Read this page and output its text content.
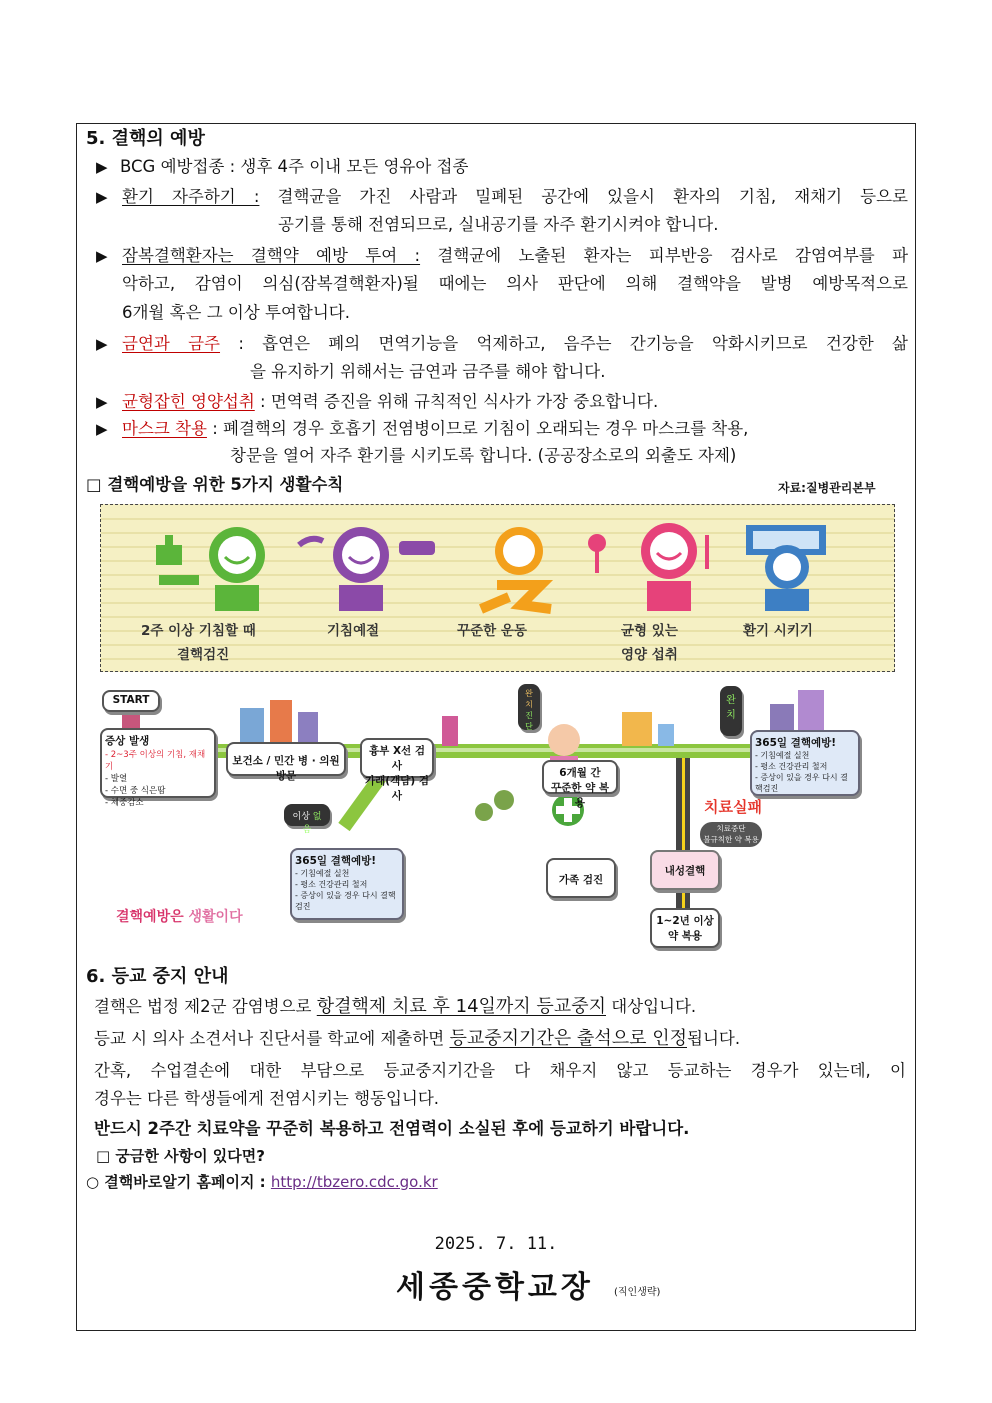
5. 결핵의 예방
▶ BCG 예방접종 : 생후 4주 이내 모든 영유아 접종
▶ 환기 자주하기 : 결핵균을 가진 사람과 밀폐된 공간에 있을시 환자의 기침, 재채기 등으로
공기를 통해 전염되므로, 실내공기를 자주 환기시켜야 합니다.
▶ 잠복결핵환자는 결핵약 예방 투여 : 결핵균에 노출된 환자는 피부반응 검사로 감염여부를 파
악하고, 감염이 의심(잠복결핵환자)될 때에는 의사 판단에 의해 결핵약을 발병 예방목적으로
6개월 혹은 그 이상 투여합니다.
▶ 금연과 금주 : 흡연은 폐의 면역기능을 억제하고, 음주는 간기능을 악화시키므로 건강한 삶
을 유지하기 위해서는 금연과 금주를 해야 합니다.
▶ 균형잡힌 영양섭취 : 면역력 증진을 위해 규칙적인 식사가 가장 중요합니다.
▶ 마스크 착용 : 폐결핵의 경우 호흡기 전염병이므로 기침이 오래되는 경우 마스크를 착용,
창문을 열어 자주 환기를 시키도록 합니다. (공공장소로의 외출도 자제)
□ 결핵예방을 위한 5가지 생활수칙	자료:질병관리본부
2주 이상 기침할 때	기침예절	꾸준한 운동	균형 있는	환기 시키기
결핵검진	영양 섭취
START
증상 발생
- 2~3주 이상의 기침, 재채기
- 발열
- 수면 중 식은땀
- 체중감소
보건소 / 민간 병 · 의원 방문
흉부 X선 검사
가래(객담) 검사
6개월 간
꾸준한 약 복용
365일 결핵예방!
- 기침예절 실천
- 평소 건강관리 철저
- 증상이 있을 경우 다시 결핵검진
이상 없음
완치
진단
완
치
365일 결핵예방!
- 기침예절 실천
- 평소 건강관리 철저
- 증상이 있을 경우 다시 결핵검진
가족 검진
치료실패
치료중단
불규칙한 약 복용
내성결핵
1~2년 이상
약 복용
결핵예방은 생활이다
6. 등교 중지 안내
결핵은 법정 제2군 감염병으로 항결핵제 치료 후 14일까지 등교중지 대상입니다.
등교 시 의사 소견서나 진단서를 학교에 제출하면 등교중지기간은 출석으로 인정됩니다.
간혹, 수업결손에 대한 부담으로 등교중지기간을 다 채우지 않고 등교하는 경우가 있는데, 이
경우는 다른 학생들에게 전염시키는 행동입니다.
반드시 2주간 치료약을 꾸준히 복용하고 전염력이 소실된 후에 등교하기 바랍니다.
□ 궁금한 사항이 있다면?
○ 결핵바로알기 홈페이지 : http://tbzero.cdc.go.kr
2025. 7. 11.
세종중학교장 (직인생략)
